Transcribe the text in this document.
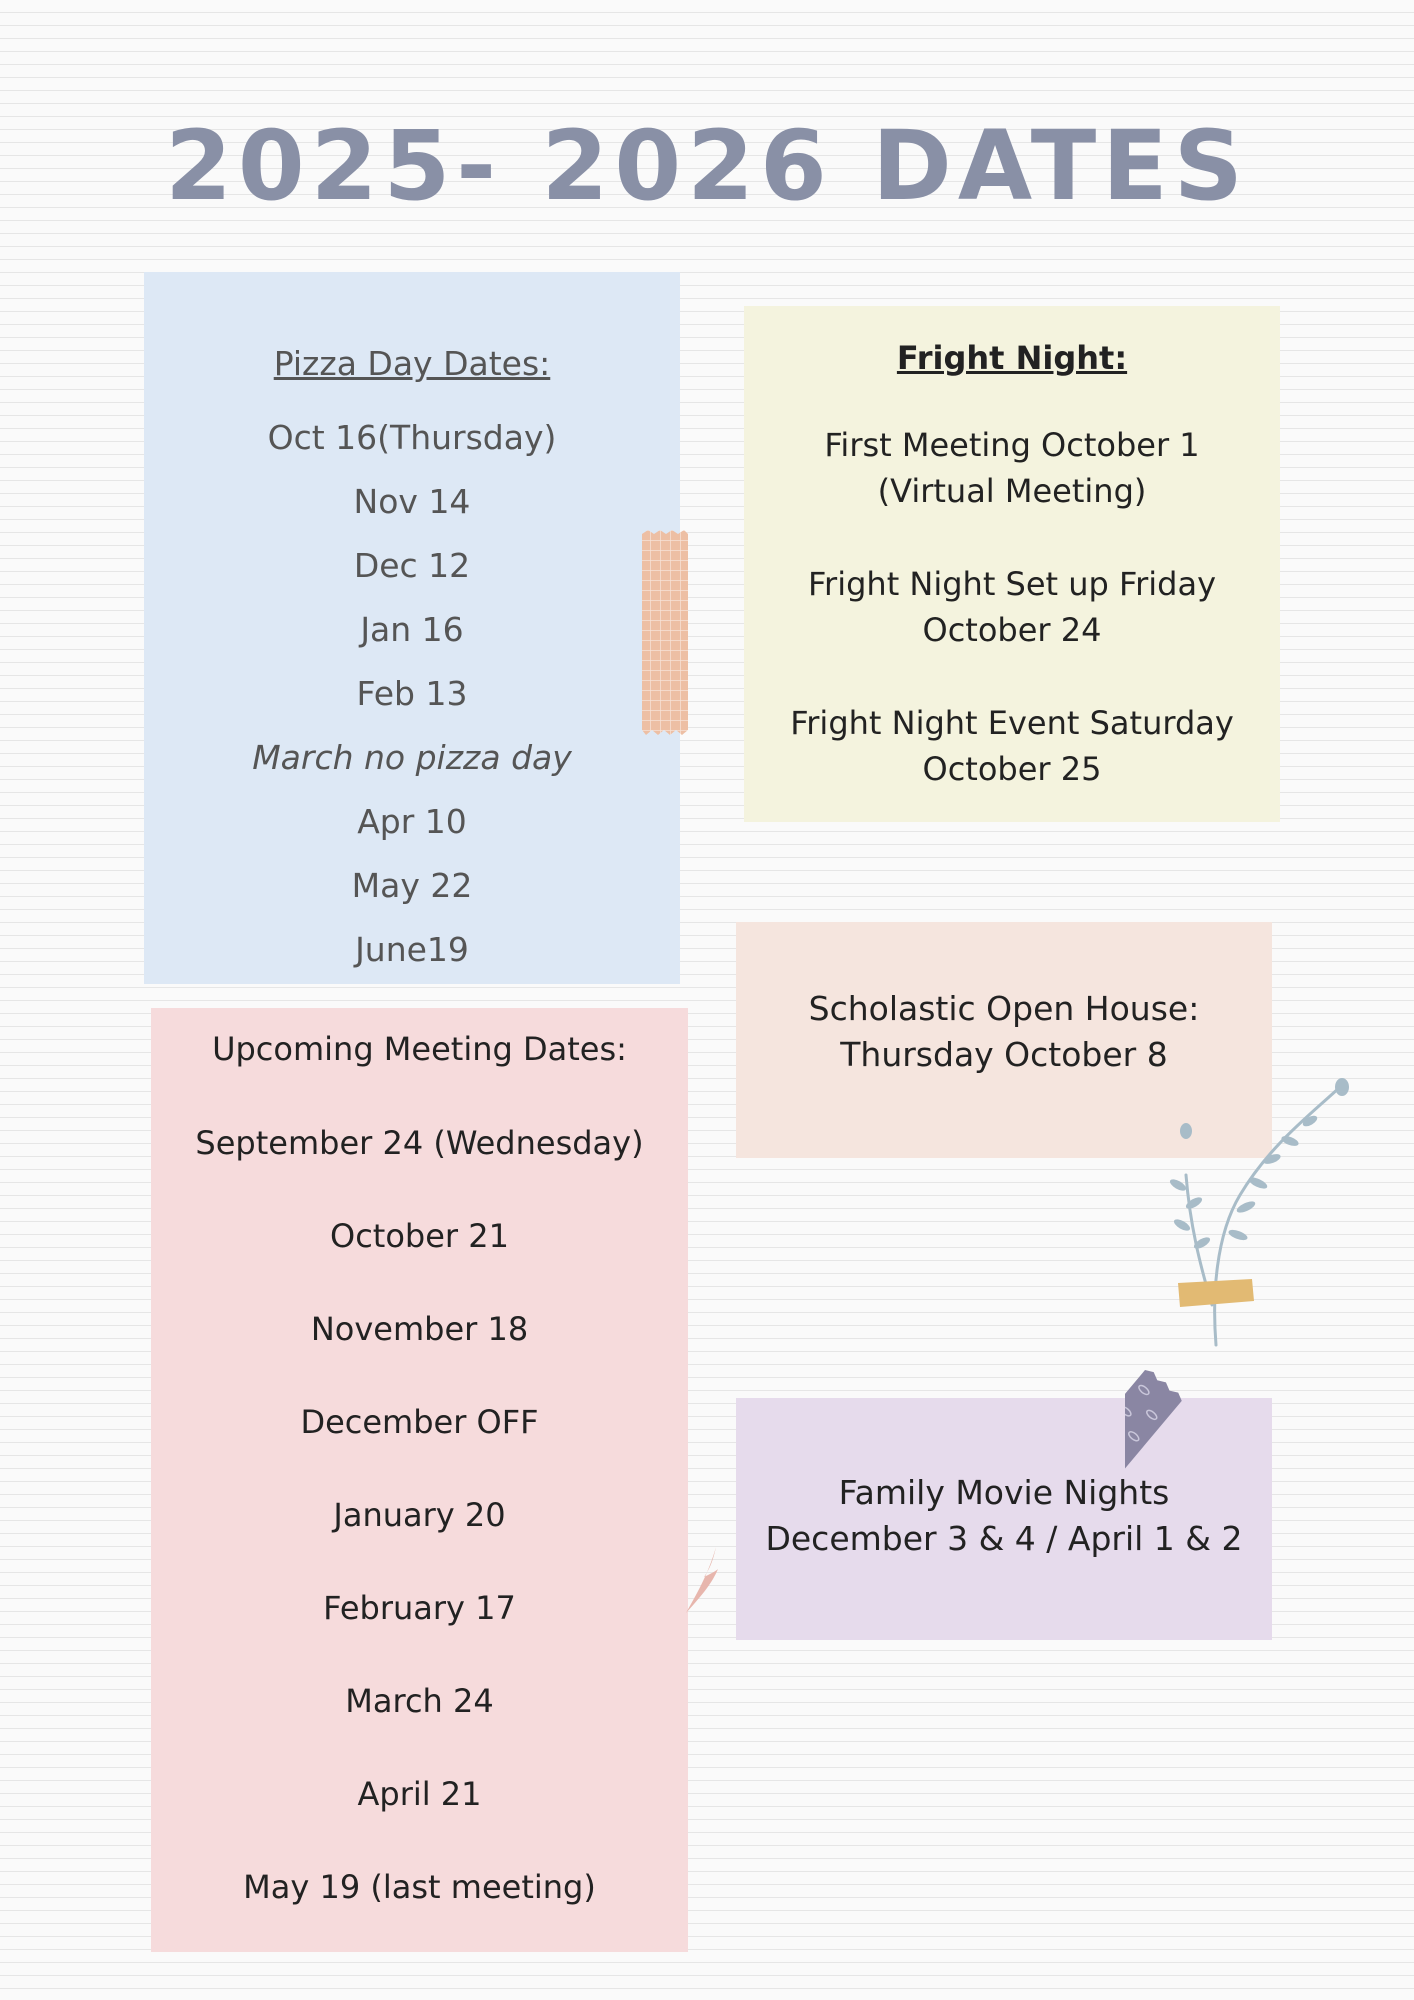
2025- 2026 DATES
Pizza Day Dates:
Oct 16(Thursday)
Nov 14
Dec 12
Jan 16
Feb 13
March no pizza day
Apr 10
May 22
June19
Fright Night:
First Meeting October 1
(Virtual Meeting)
Fright Night Set up Friday
October 24
Fright Night Event Saturday
October 25
Upcoming Meeting Dates:
September 24 (Wednesday)
October 21
November 18
December OFF
January 20
February 17
March 24
April 21
May 19 (last meeting)
Scholastic Open House:
Thursday October 8
Family Movie Nights
December 3 & 4 / April 1 & 2
